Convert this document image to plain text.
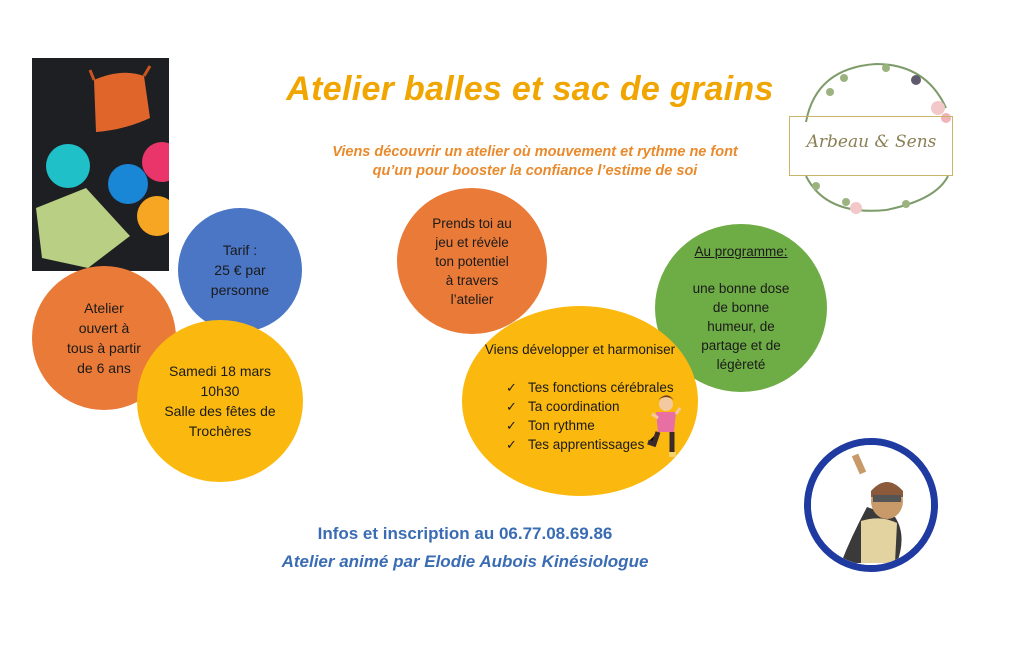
Atelier balles et sac de grains
Viens découvrir un atelier où mouvement et rythme ne font
qu’un pour booster la confiance l’estime de soi
Arbeau & Sens
Atelier
ouvert à
tous à partir
de 6 ans
Tarif :
25 € par
personne
Samedi 18 mars
10h30
Salle des fêtes de
Trochères
Prends toi au
jeu et révèle
ton potentiel
à travers
l’atelier
Au programme:
une bonne dose
de bonne
humeur, de
partage et de
légèreté
Viens développer et harmoniser
✓ Tes fonctions cérébrales
✓ Ta coordination
✓ Ton rythme
✓ Tes apprentissages
Infos et inscription au 06.77.08.69.86
Atelier animé par Elodie Aubois Kinésiologue
